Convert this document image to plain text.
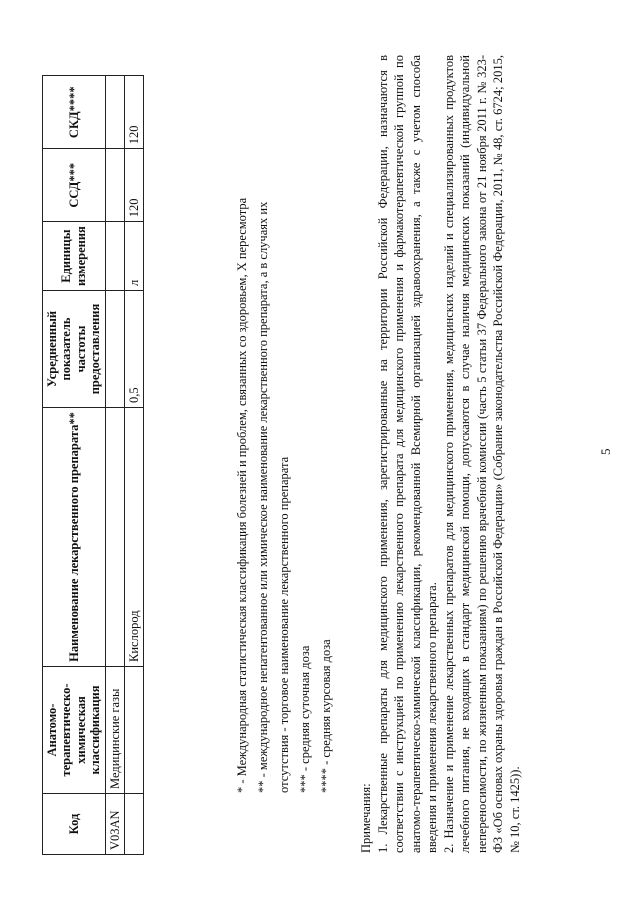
Код	Анатомо-терапевтическо-химическая классификация	Наименование лекарственного препарата**	Усредненный показатель частоты предоставления	Единицы измерения	ССД***	СКД****
V03AN	Медицинские газы					
		Кислород	0,5	л	120	120
* - Международная статистическая классификация болезней и проблем, связанных со здоровьем, X пересмотра ** - международное непатентованное или химическое наименование лекарственного препарата, а в случаях их отсутствия - торговое наименование лекарственного препарата *** - средняя суточная доза **** - средняя курсовая доза

Примечания: 1. Лекарственные препараты для медицинского применения, зарегистрированные на территории Российской Федерации, назначаются в соответствии с инструкцией по применению лекарственного препарата для медицинского применения и фармакотерапевтической группой по анатомо-терапевтическо-химической классификации, рекомендованной Всемирной организацией здравоохранения, а также с учетом способа введения и применения лекарственного препарата. 2. Назначение и применение лекарственных препаратов для медицинского применения, медицинских изделий и специализированных продуктов лечебного питания, не входящих в стандарт медицинской помощи, допускаются в случае наличия медицинских показаний (индивидуальной непереносимости, по жизненным показаниям) по решению врачебной комиссии (часть 5 статьи 37 Федерального закона от 21 ноября 2011 г. № 323-ФЗ «Об основах охраны здоровья граждан в Российской Федерации» (Собрание законодательства Российской Федерации, 2011, № 48, ст. 6724; 2015, № 10, ст. 1425)).

5
